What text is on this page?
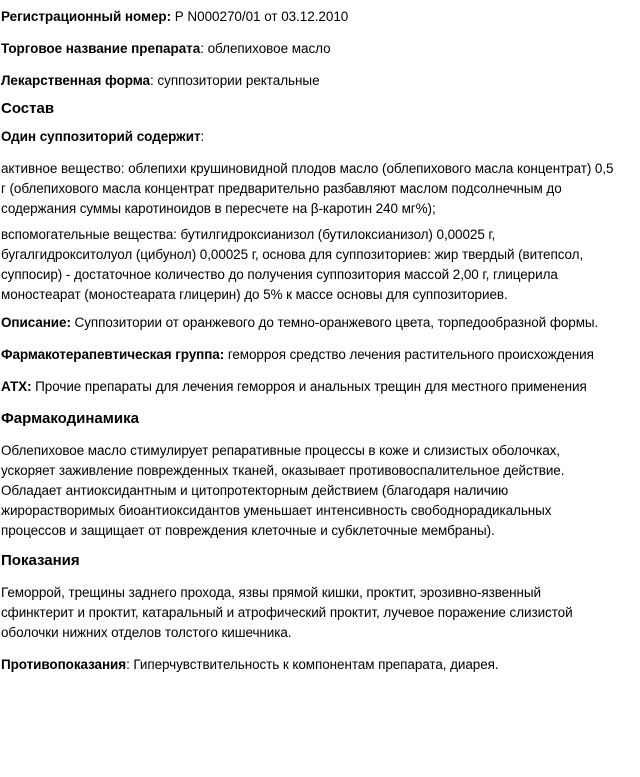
Регистрационный номер: Р N000270/01 от 03.12.2010

Торговое название препарата: облепиховое масло

Лекарственная форма: суппозитории ректальные

Состав

Один суппозиторий содержит:

активное вещество: облепихи крушиновидной плодов масло (облепихового масла концентрат) 0,5 г (облепихового масла концентрат предварительно разбавляют маслом подсолнечным до содержания суммы каротиноидов в пересчете на β-каротин 240 мг%);

вспомогательные вещества: бутилгидроксианизол (бутилоксианизол) 0,00025 г, бугалгидрокситолуол (цибунол) 0,00025 г, основа для суппозиториев: жир твердый (витепсол, суппосир) - достаточное количество до получения суппозитория массой 2,00 г, глицерила моностеарат (моностеарата глицерин) до 5% к массе основы для суппозиториев.

Описание: Суппозитории от оранжевого до темно-оранжевого цвета, торпедообразной формы.

Фармакотерапевтическая группа: геморроя средство лечения растительного происхождения

АТХ: Прочие препараты для лечения геморроя и анальных трещин для местного применения

Фармакодинамика

Облепиховое масло стимулирует репаративные процессы в коже и слизистых оболочках, ускоряет заживление поврежденных тканей, оказывает противовоспалительное действие. Обладает антиоксидантным и цитопротекторным действием (благодаря наличию жирорастворимых биоантиоксидантов уменьшает интенсивность свободнорадикальных процессов и защищает от повреждения клеточные и субклеточные мембраны).

Показания

Геморрой, трещины заднего прохода, язвы прямой кишки, проктит, эрозивно-язвенный сфинктерит и проктит, катаральный и атрофический проктит, лучевое поражение слизистой оболочки нижних отделов толстого кишечника.

Противопоказания: Гиперчувствительность к компонентам препарата, диарея.
